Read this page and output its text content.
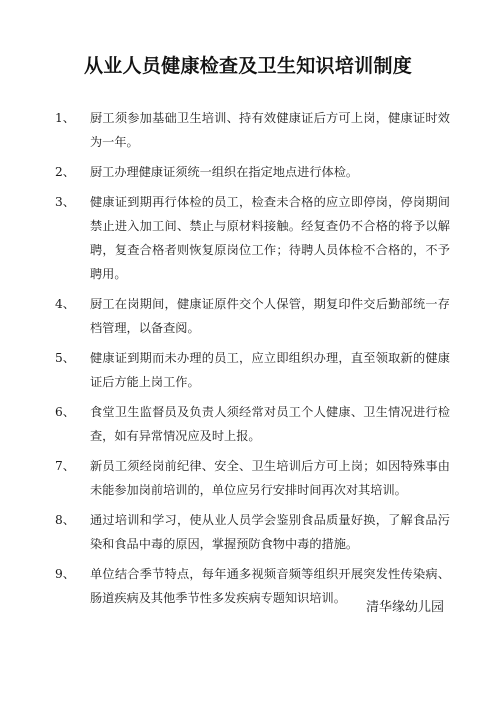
从业人员健康检查及卫生知识培训制度
1、	厨工须参加基础卫生培训、持有效健康证后方可上岗，健康证时效为一年。
2、	厨工办理健康证须统一组织在指定地点进行体检。
3、	健康证到期再行体检的员工，检查未合格的应立即停岗，停岗期间禁止进入加工间、禁止与原材料接触。经复查仍不合格的将予以解聘，复查合格者则恢复原岗位工作；待聘人员体检不合格的，不予聘用。
4、	厨工在岗期间，健康证原件交个人保管，期复印件交后勤部统一存档管理，以备查阅。
5、	健康证到期而未办理的员工，应立即组织办理，直至领取新的健康证后方能上岗工作。
6、	食堂卫生监督员及负责人须经常对员工个人健康、卫生情况进行检查，如有异常情况应及时上报。
7、	新员工须经岗前纪律、安全、卫生培训后方可上岗；如因特殊事由未能参加岗前培训的，单位应另行安排时间再次对其培训。
8、	通过培训和学习，使从业人员学会鉴别食品质量好换，了解食品污染和食品中毒的原因，掌握预防食物中毒的措施。
9、	单位结合季节特点，每年通多视频音频等组织开展突发性传染病、肠道疾病及其他季节性多发疾病专题知识培训。
清华缘幼儿园
